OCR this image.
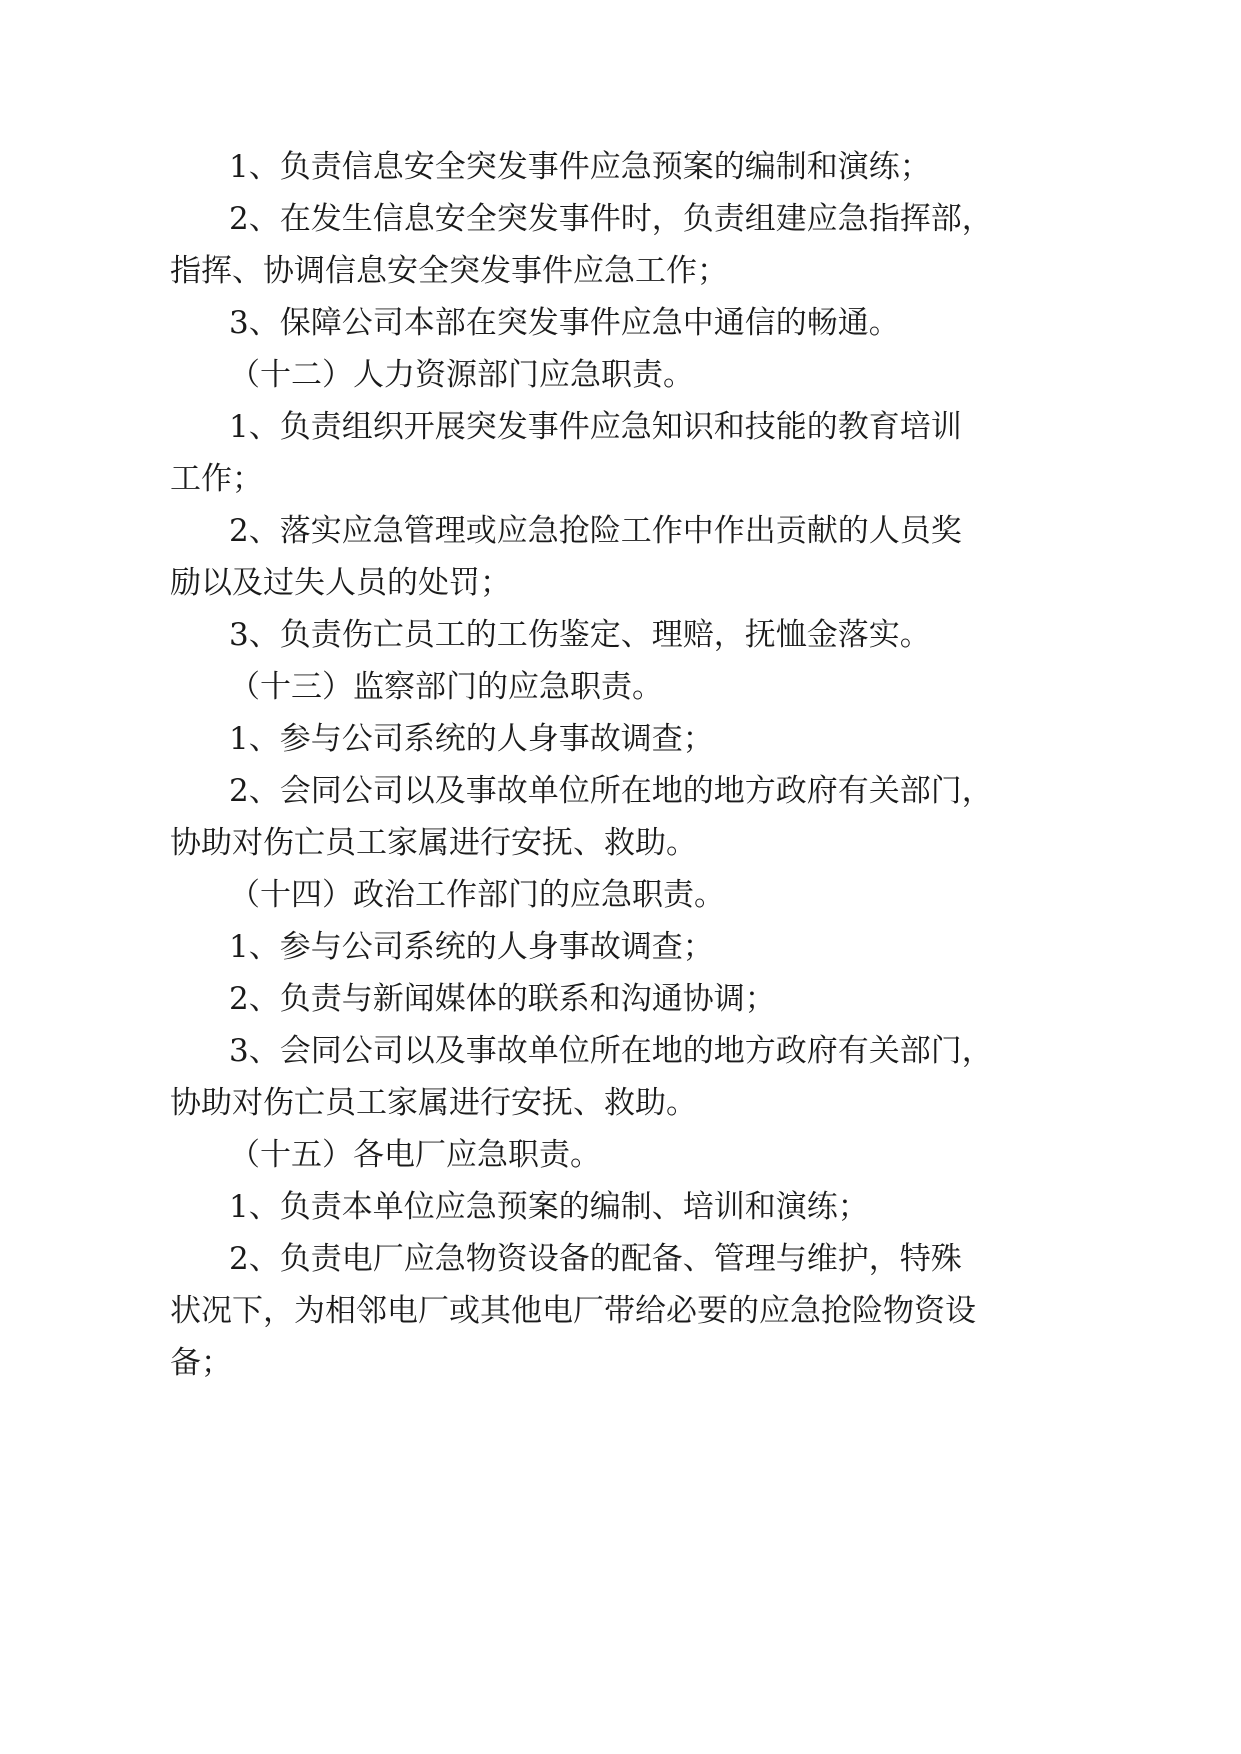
1、负责信息安全突发事件应急预案的编制和演练；
2、在发生信息安全突发事件时，负责组建应急指挥部，
指挥、协调信息安全突发事件应急工作；
3、保障公司本部在突发事件应急中通信的畅通。
（十二）人力资源部门应急职责。
1、负责组织开展突发事件应急知识和技能的教育培训
工作；
2、落实应急管理或应急抢险工作中作出贡献的人员奖
励以及过失人员的处罚；
3、负责伤亡员工的工伤鉴定、理赔，抚恤金落实。
（十三）监察部门的应急职责。
1、参与公司系统的人身事故调查；
2、会同公司以及事故单位所在地的地方政府有关部门，
协助对伤亡员工家属进行安抚、救助。
（十四）政治工作部门的应急职责。
1、参与公司系统的人身事故调查；
2、负责与新闻媒体的联系和沟通协调；
3、会同公司以及事故单位所在地的地方政府有关部门，
协助对伤亡员工家属进行安抚、救助。
（十五）各电厂应急职责。
1、负责本单位应急预案的编制、培训和演练；
2、负责电厂应急物资设备的配备、管理与维护，特殊
状况下，为相邻电厂或其他电厂带给必要的应急抢险物资设
备；
